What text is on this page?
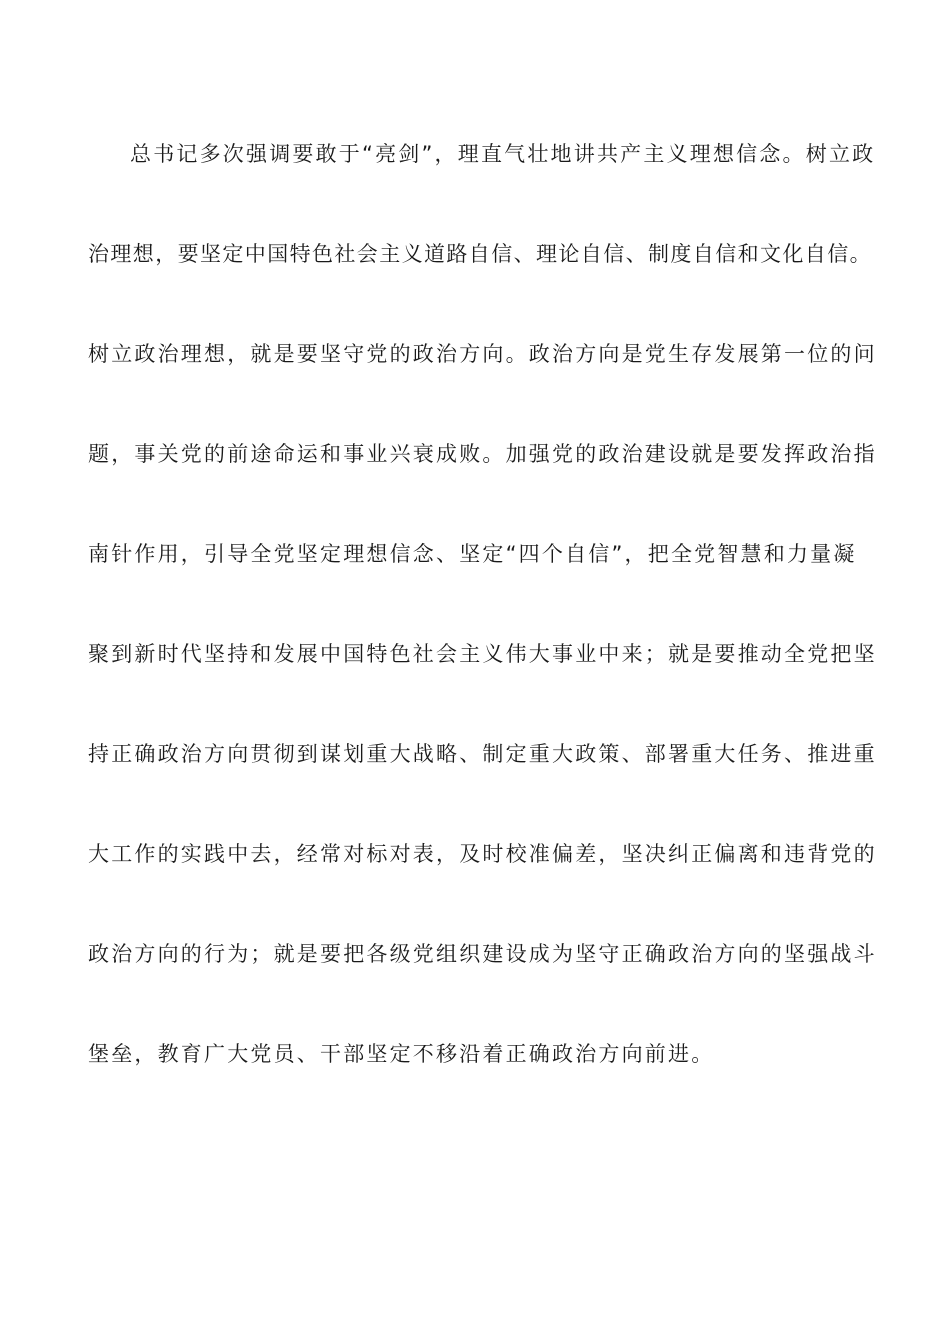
总书记多次强调要敢于“亮剑”，理直气壮地讲共产主义理想信念。树立政
治理想，要坚定中国特色社会主义道路自信、理论自信、制度自信和文化自信。
树立政治理想，就是要坚守党的政治方向。政治方向是党生存发展第一位的问
题，事关党的前途命运和事业兴衰成败。加强党的政治建设就是要发挥政治指
南针作用，引导全党坚定理想信念、坚定“四个自信”，把全党智慧和力量凝
聚到新时代坚持和发展中国特色社会主义伟大事业中来；就是要推动全党把坚
持正确政治方向贯彻到谋划重大战略、制定重大政策、部署重大任务、推进重
大工作的实践中去，经常对标对表，及时校准偏差，坚决纠正偏离和违背党的
政治方向的行为；就是要把各级党组织建设成为坚守正确政治方向的坚强战斗
堡垒，教育广大党员、干部坚定不移沿着正确政治方向前进。
